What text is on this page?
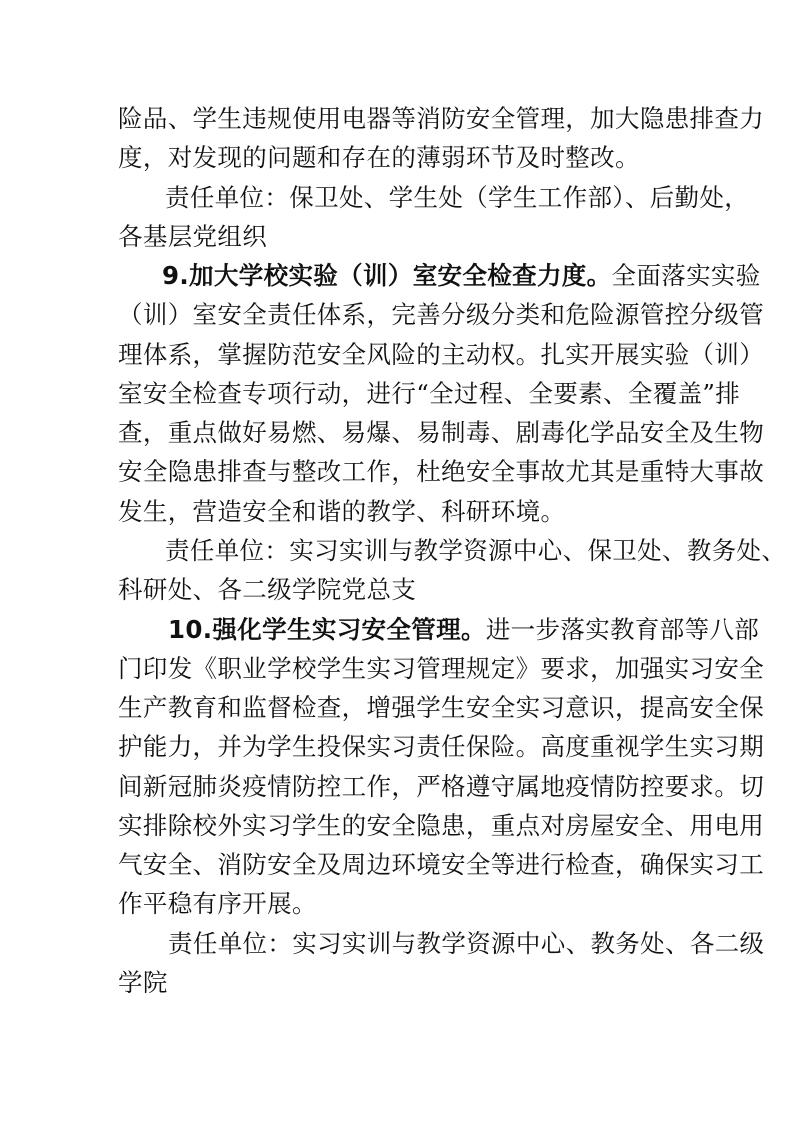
险品、学生违规使用电器等消防安全管理，加大隐患排查力
度，对发现的问题和存在的薄弱环节及时整改。
责任单位：保卫处、学生处（学生工作部）、后勤处，
各基层党组织
9.加大学校实验（训）室安全检查力度。全面落实实验
（训）室安全责任体系，完善分级分类和危险源管控分级管
理体系，掌握防范安全风险的主动权。扎实开展实验（训）
室安全检查专项行动，进行“全过程、全要素、全覆盖”排
查，重点做好易燃、易爆、易制毒、剧毒化学品安全及生物
安全隐患排查与整改工作，杜绝安全事故尤其是重特大事故
发生，营造安全和谐的教学、科研环境。
责任单位：实习实训与教学资源中心、保卫处、教务处、
科研处、各二级学院党总支
10.强化学生实习安全管理。进一步落实教育部等八部
门印发《职业学校学生实习管理规定》要求，加强实习安全
生产教育和监督检查，增强学生安全实习意识，提高安全保
护能力，并为学生投保实习责任保险。高度重视学生实习期
间新冠肺炎疫情防控工作，严格遵守属地疫情防控要求。切
实排除校外实习学生的安全隐患，重点对房屋安全、用电用
气安全、消防安全及周边环境安全等进行检查，确保实习工
作平稳有序开展。
责任单位：实习实训与教学资源中心、教务处、各二级
学院
